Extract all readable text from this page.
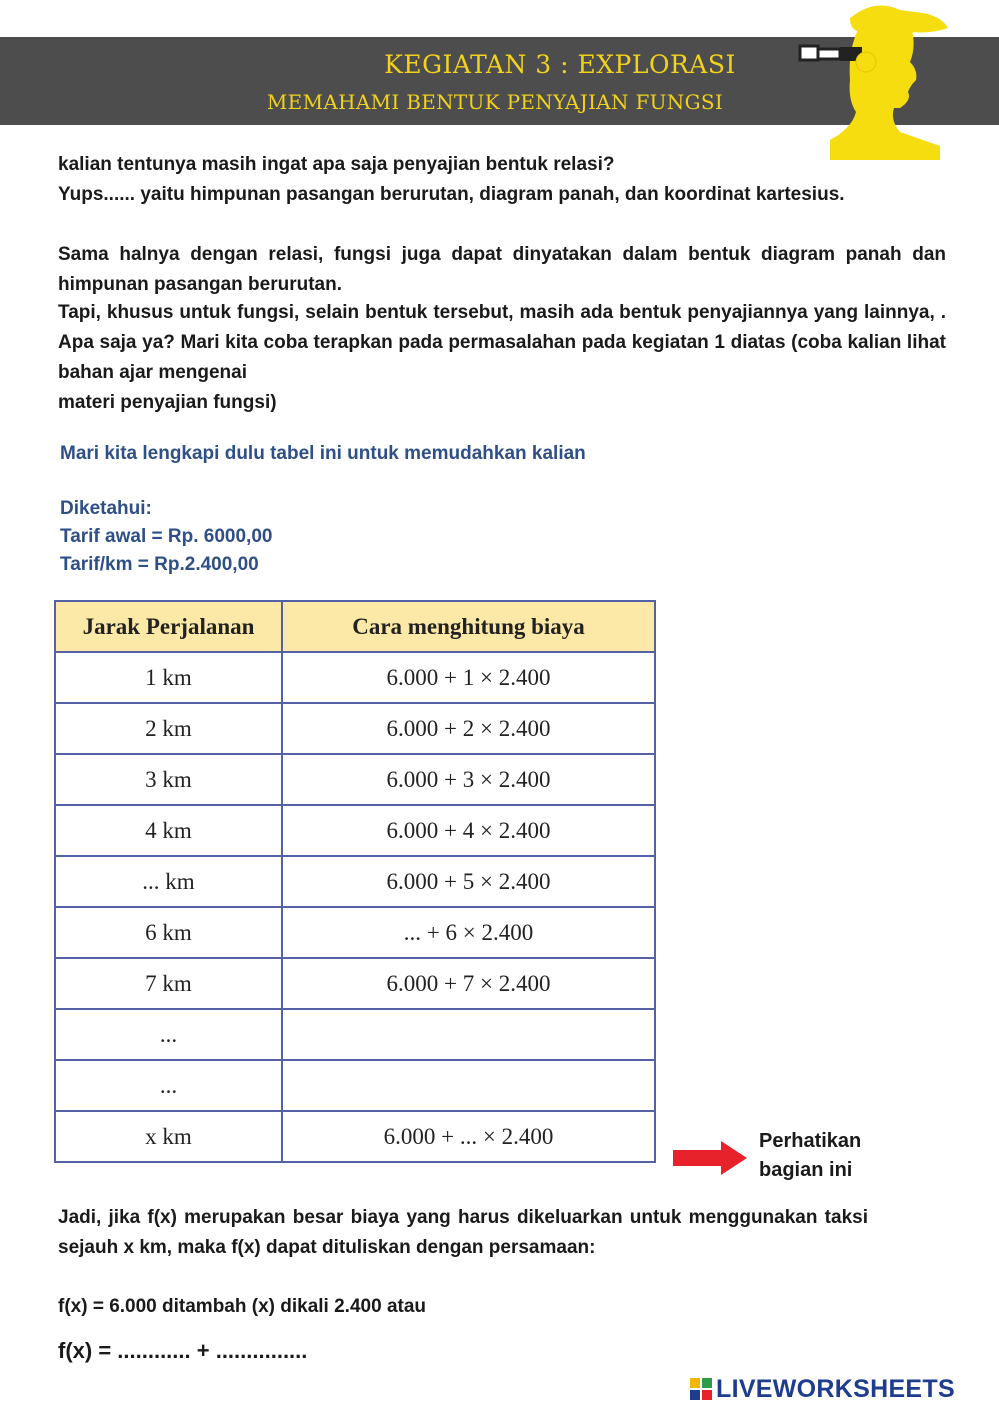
KEGIATAN 3 : EXPLORASI
MEMAHAMI BENTUK PENYAJIAN FUNGSI

kalian tentunya masih ingat apa saja penyajian bentuk relasi?

Yups...... yaitu himpunan pasangan berurutan, diagram panah, dan koordinat kartesius.

Sama halnya dengan relasi, fungsi juga dapat dinyatakan dalam bentuk diagram panah dan himpunan pasangan berurutan.

Tapi, khusus untuk fungsi, selain bentuk tersebut, masih ada bentuk penyajiannya yang lainnya, . Apa saja ya? Mari kita coba terapkan pada permasalahan pada kegiatan 1 diatas (coba kalian lihat bahan ajar mengenai

materi penyajian fungsi)

Mari kita lengkapi dulu tabel ini untuk memudahkan kalian

Diketahui:

Tarif awal = Rp. 6000,00

Tarif/km = Rp.2.400,00

Jarak Perjalanan	Cara menghitung biaya
1 km	6.000 + 1 × 2.400
2 km	6.000 + 2 × 2.400
3 km	6.000 + 3 × 2.400
4 km	6.000 + 4 × 2.400
... km	6.000 + 5 × 2.400
6 km	... + 6 × 2.400
7 km	6.000 + 7 × 2.400
...	
...	
x km	6.000 + ... × 2.400	Perhatikan
bagian ini

Jadi, jika f(x) merupakan besar biaya yang harus dikeluarkan untuk menggunakan taksi sejauh x km, maka f(x) dapat dituliskan dengan persamaan:

f(x) = 6.000 ditambah (x) dikali 2.400 atau

f(x) = ............ + ...............

LIVEWORKSHEETS
